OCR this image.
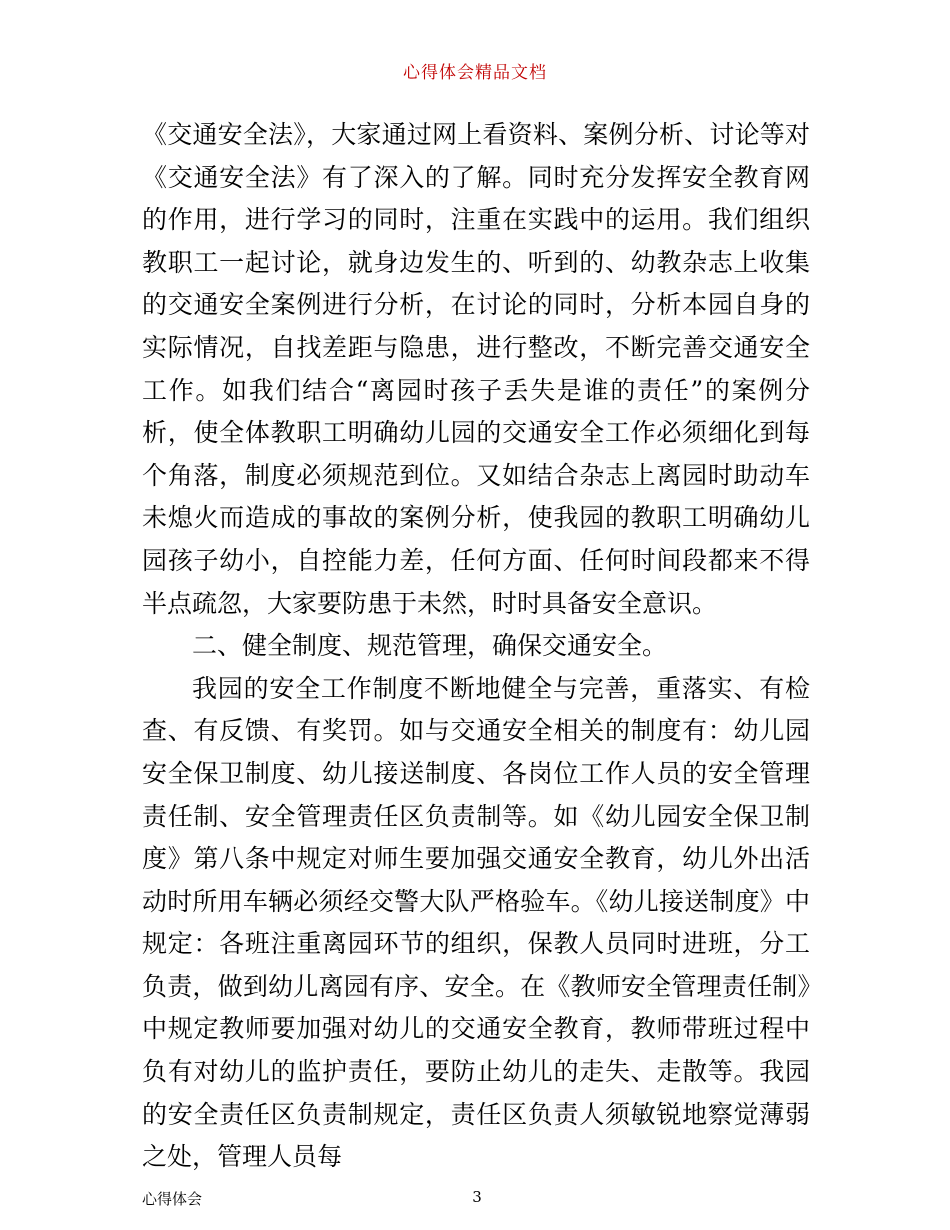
心得体会精品文档

《交通安全法》，大家通过网上看资料、案例分析、讨论等对《交通安全法》有了深入的了解。同时充分发挥安全教育网的作用，进行学习的同时，注重在实践中的运用。我们组织教职工一起讨论，就身边发生的、听到的、幼教杂志上收集的交通安全案例进行分析，在讨论的同时，分析本园自身的实际情况，自找差距与隐患，进行整改，不断完善交通安全工作。如我们结合“离园时孩子丢失是谁的责任”的案例分析，使全体教职工明确幼儿园的交通安全工作必须细化到每个角落，制度必须规范到位。又如结合杂志上离园时助动车未熄火而造成的事故的案例分析，使我园的教职工明确幼儿园孩子幼小，自控能力差，任何方面、任何时间段都来不得半点疏忽，大家要防患于未然，时时具备安全意识。

二、健全制度、规范管理，确保交通安全。

我园的安全工作制度不断地健全与完善，重落实、有检查、有反馈、有奖罚。如与交通安全相关的制度有：幼儿园安全保卫制度、幼儿接送制度、各岗位工作人员的安全管理责任制、安全管理责任区负责制等。如《幼儿园安全保卫制度》第八条中规定对师生要加强交通安全教育，幼儿外出活动时所用车辆必须经交警大队严格验车。《幼儿接送制度》中规定：各班注重离园环节的组织，保教人员同时进班，分工负责，做到幼儿离园有序、安全。在《教师安全管理责任制》中规定教师要加强对幼儿的交通安全教育，教师带班过程中负有对幼儿的监护责任，要防止幼儿的走失、走散等。我园的安全责任区负责制规定，责任区负责人须敏锐地察觉薄弱之处，管理人员每

心得体会	3
